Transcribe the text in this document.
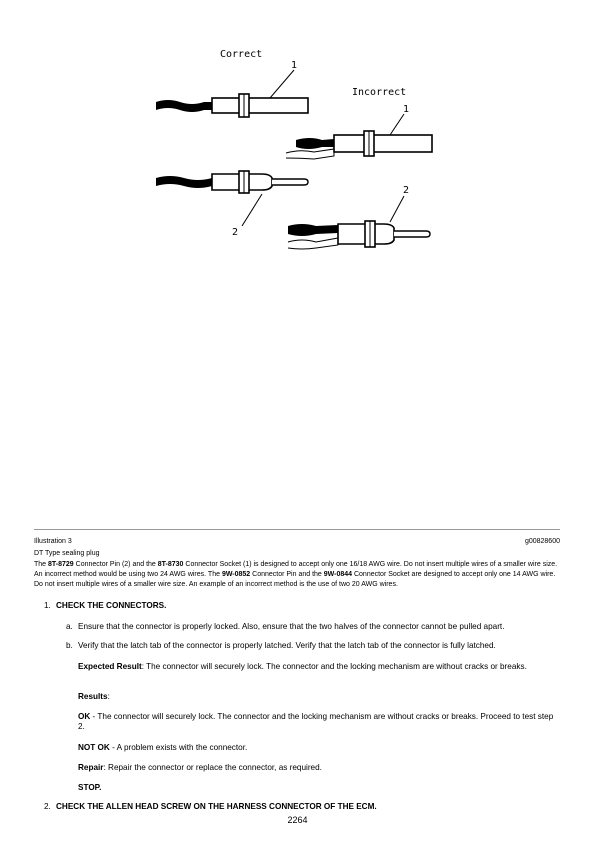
Correct
Incorrect
1
1
2
2
Illustration 3	g00828600
DT Type sealing plug
The 8T-8729 Connector Pin (2) and the 8T-8730 Connector Socket (1) is designed to accept only one 16/18 AWG wire. Do not insert multiple wires of a smaller wire size. An incorrect method would be using two 24 AWG wires. The 9W-0852 Connector Pin and the 9W-0844 Connector Socket are designed to accept only one 14 AWG wire. Do not insert multiple wires of a smaller wire size. An example of an incorrect method is the use of two 20 AWG wires.
1. CHECK THE CONNECTORS.
a. Ensure that the connector is properly locked. Also, ensure that the two halves of the connector cannot be pulled apart.
b. Verify that the latch tab of the connector is properly latched. Verify that the latch tab of the connector is fully latched.
Expected Result: The connector will securely lock. The connector and the locking mechanism are without cracks or breaks.
Results:
OK - The connector will securely lock. The connector and the locking mechanism are without cracks or breaks. Proceed to test step 2.
NOT OK - A problem exists with the connector.
Repair: Repair the connector or replace the connector, as required.
STOP.
2. CHECK THE ALLEN HEAD SCREW ON THE HARNESS CONNECTOR OF THE ECM.
2264
